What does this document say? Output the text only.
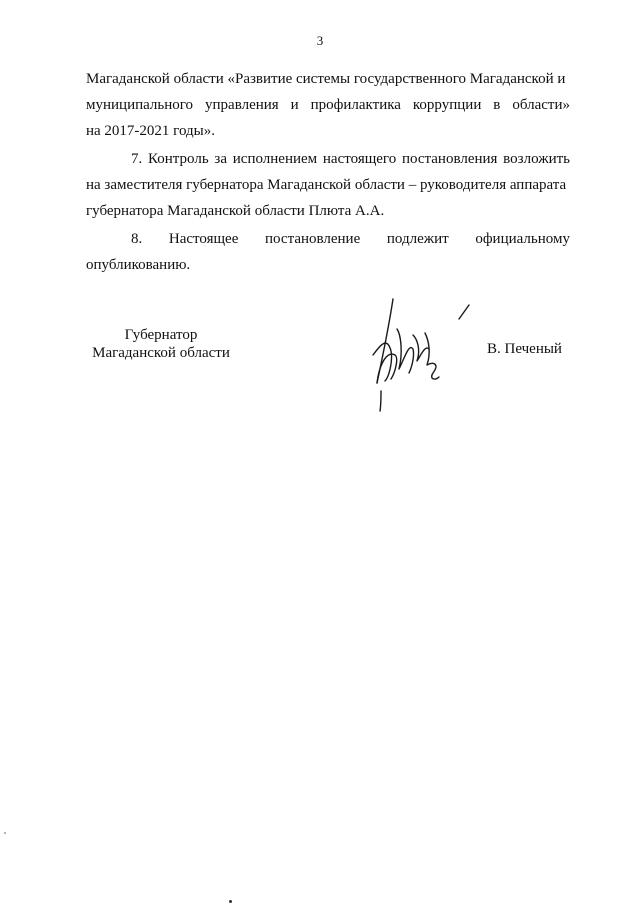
3
Магаданской области «Развитие системы государственного Магаданской и
муниципального управления и профилактика коррупции в области»
на 2017-2021 годы».
7. Контроль за исполнением настоящего постановления возложить
на заместителя губернатора Магаданской области – руководителя аппарата
губернатора Магаданской области Плюта А.А.
8. Настоящее постановление подлежит официальному
опубликованию.
Губернатор
Магаданской области	В. Печеный
